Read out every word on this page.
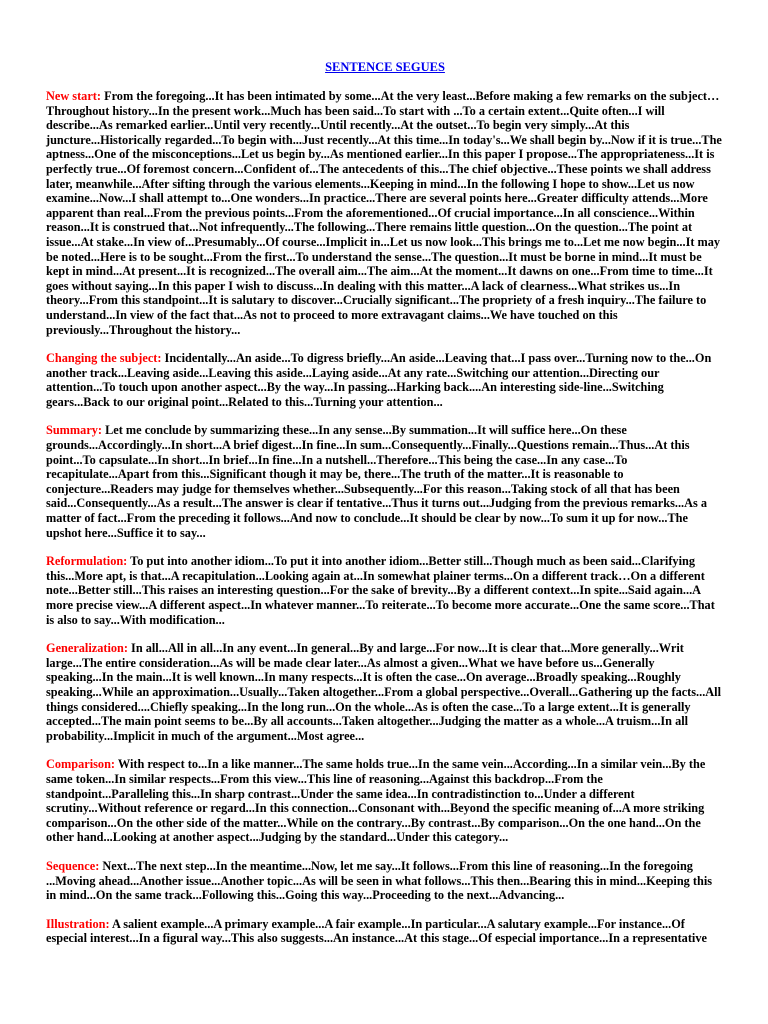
SENTENCE SEGUES
New start: From the foregoing...It has been intimated by some...At the very least...Before making a few remarks on the subject…Throughout history...In the present work...Much has been said...To start with ...To a certain extent...Quite often...I will describe...As remarked earlier...Until very recently...Until recently...At the outset...To begin very simply...At this juncture...Historically regarded...To begin with...Just recently...At this time...In today's...We shall begin by...Now if it is true...The aptness...One of the misconceptions...Let us begin by...As mentioned earlier...In this paper I propose...The appropriateness...It is perfectly true...Of foremost concern...Confident of...The antecedents of this...The chief objective...These points we shall address later, meanwhile...After sifting through the various elements...Keeping in mind...In the following I hope to show...Let us now examine...Now...I shall attempt to...One wonders...In practice...There are several points here...Greater difficulty attends...More apparent than real...From the previous points...From the aforementioned...Of crucial importance...In all conscience...Within reason...It is construed that...Not infrequently...The following...There remains little question...On the question...The point at issue...At stake...In view of...Presumably...Of course...Implicit in...Let us now look...This brings me to...Let me now begin...It may be noted...Here is to be sought...From the first...To understand the sense...The question...It must be borne in mind...It must be kept in mind...At present...It is recognized...The overall aim...The aim...At the moment...It dawns on one...From time to time...It goes without saying...In this paper I wish to discuss...In dealing with this matter...A lack of clearness...What strikes us...In theory...From this standpoint...It is salutary to discover...Crucially significant...The propriety of a fresh inquiry...The failure to understand...In view of the fact that...As not to proceed to more extravagant claims...We have touched on this previously...Throughout the history...
Changing the subject: Incidentally...An aside...To digress briefly...An aside...Leaving that...I pass over...Turning now to the...On another track...Leaving aside...Leaving this aside...Laying aside...At any rate...Switching our attention...Directing our attention...To touch upon another aspect...By the way...In passing...Harking back....An interesting side-line...Switching gears...Back to our original point...Related to this...Turning your attention...
Summary: Let me conclude by summarizing these...In any sense...By summation...It will suffice here...On these grounds...Accordingly...In short...A brief digest...In fine...In sum...Consequently...Finally...Questions remain...Thus...At this point...To capsulate...In short...In brief...In fine...In a nutshell...Therefore...This being the case...In any case...To recapitulate...Apart from this...Significant though it may be, there...The truth of the matter...It is reasonable to conjecture...Readers may judge for themselves whether...Subsequently...For this reason...Taking stock of all that has been said...Consequently...As a result...The answer is clear if tentative...Thus it turns out...Judging from the previous remarks...As a matter of fact...From the preceding it follows...And now to conclude...It should be clear by now...To sum it up for now...The upshot here...Suffice it to say...
Reformulation: To put into another idiom...To put it into another idiom...Better still...Though much as been said...Clarifying this...More apt, is that...A recapitulation...Looking again at...In somewhat plainer terms...On a different track…On a different note...Better still...This raises an interesting question...For the sake of brevity...By a different context...In spite...Said again...A more precise view...A different aspect...In whatever manner...To reiterate...To become more accurate...One the same score...That is also to say...With modification...
Generalization: In all...All in all...In any event...In general...By and large...For now...It is clear that...More generally...Writ large...The entire consideration...As will be made clear later...As almost a given...What we have before us...Generally speaking...In the main...It is well known...In many respects...It is often the case...On average...Broadly speaking...Roughly speaking...While an approximation...Usually...Taken altogether...From a global perspective...Overall...Gathering up the facts...All things considered....Chiefly speaking...In the long run...On the whole...As is often the case...To a large extent...It is generally accepted...The main point seems to be...By all accounts...Taken altogether...Judging the matter as a whole...A truism...In all probability...Implicit in much of the argument...Most agree...
Comparison: With respect to...In a like manner...The same holds true...In the same vein...According...In a similar vein...By the same token...In similar respects...From this view...This line of reasoning...Against this backdrop...From the standpoint...Paralleling this...In sharp contrast...Under the same idea...In contradistinction to...Under a different scrutiny...Without reference or regard...In this connection...Consonant with...Beyond the specific meaning of...A more striking comparison...On the other side of the matter...While on the contrary...By contrast...By comparison...On the one hand...On the other hand...Looking at another aspect...Judging by the standard...Under this category...
Sequence: Next...The next step...In the meantime...Now, let me say...It follows...From this line of reasoning...In the foregoing ...Moving ahead...Another issue...Another topic...As will be seen in what follows...This then...Bearing this in mind...Keeping this in mind...On the same track...Following this...Going this way...Proceeding to the next...Advancing...
Illustration: A salient example...A primary example...A fair example...In particular...A salutary example...For instance...Of especial interest...In a figural way...This also suggests...An instance...At this stage...Of especial importance...In a representative
